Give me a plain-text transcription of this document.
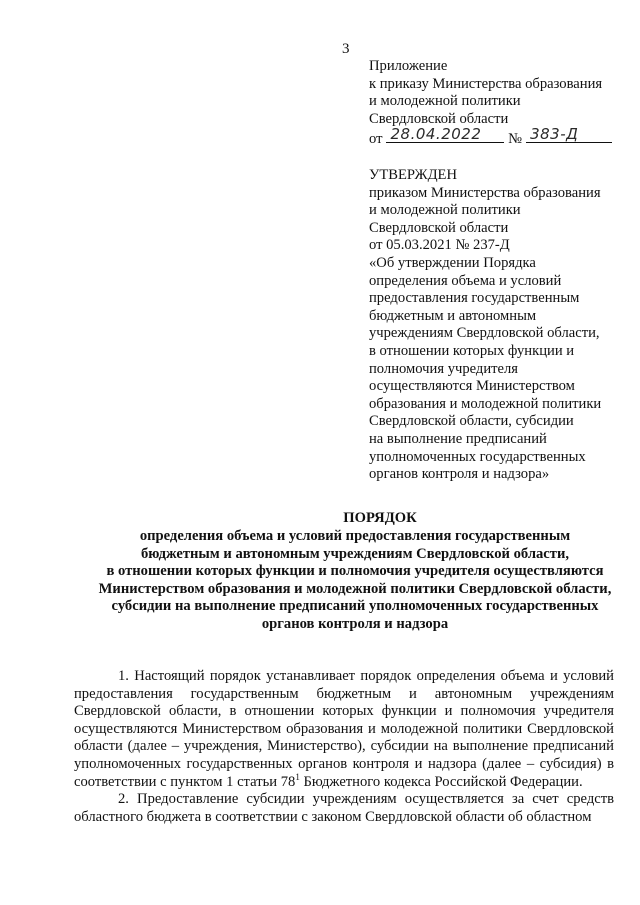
3
Приложение
к приказу Министерства образования
и молодежной политики
Свердловской области
от 28.04.2022 № 383-Д
УТВЕРЖДЕН
приказом Министерства образования
и молодежной политики
Свердловской области
от 05.03.2021 № 237-Д
«Об утверждении Порядка
определения объема и условий
предоставления государственным
бюджетным и автономным
учреждениям Свердловской области,
в отношении которых функции и
полномочия учредителя
осуществляются Министерством
образования и молодежной политики
Свердловской области, субсидии
на выполнение предписаний
уполномоченных государственных
органов контроля и надзора»
ПОРЯДОК
определения объема и условий предоставления государственным
бюджетным и автономным учреждениям Свердловской области,
в отношении которых функции и полномочия учредителя осуществляются
Министерством образования и молодежной политики Свердловской области,
субсидии на выполнение предписаний уполномоченных государственных
органов контроля и надзора

1. Настоящий порядок устанавливает порядок определения объема и условий предоставления государственным бюджетным и автономным учреждениям Свердловской области, в отношении которых функции и полномочия учредителя осуществляются Министерством образования и молодежной политики Свердловской области (далее – учреждения, Министерство), субсидии на выполнение предписаний уполномоченных государственных органов контроля и надзора (далее – субсидия) в соответствии с пунктом 1 статьи $78^1$ Бюджетного кодекса Российской Федерации.

2. Предоставление субсидии учреждениям осуществляется за счет средств областного бюджета в соответствии с законом Свердловской области об областном
